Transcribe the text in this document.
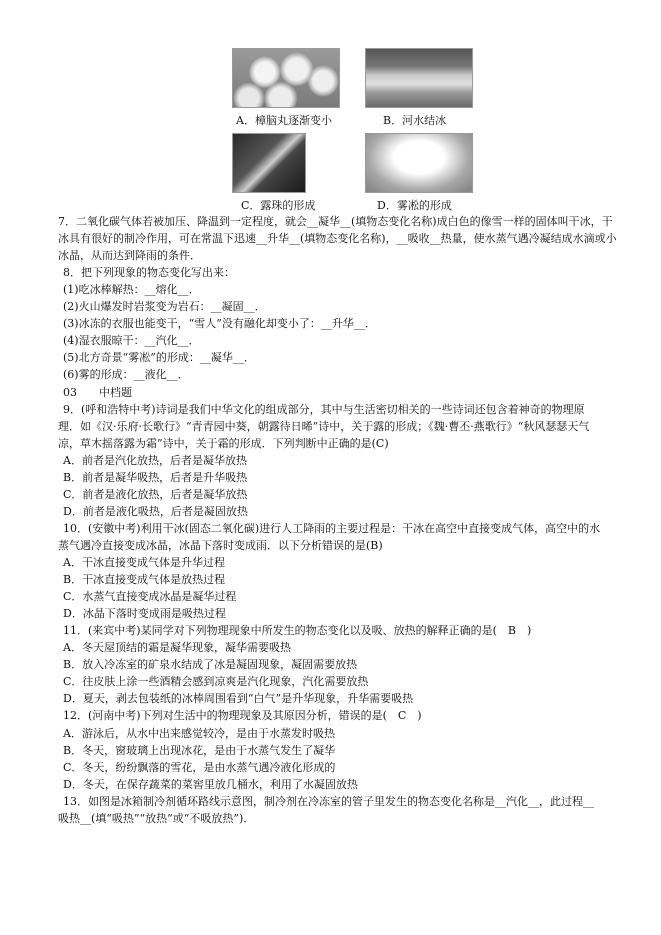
A．樟脑丸逐渐变小	B．河水结冰
C．露珠的形成	D．雾凇的形成
7．二氧化碳气体若被加压、降温到一定程度，就会__凝华__(填物态变化名称)成白色的像雪一样的固体叫干冰，干
冰具有很好的制冷作用，可在常温下迅速__升华__(填物态变化名称)，__吸收__热量，使水蒸气遇冷凝结成水滴或小
冰晶，从而达到降雨的条件．
8．把下列现象的物态变化写出来：
(1)吃冰棒解热：__熔化__．
(2)火山爆发时岩浆变为岩石：__凝固__．
(3)冰冻的衣服也能变干，“雪人”没有融化却变小了：__升华__．
(4)湿衣服晾干：__汽化__．
(5)北方奇景“雾凇”的形成：__凝华__．
(6)雾的形成：__液化__．
03　　中档题
9．(呼和浩特中考)诗词是我们中华文化的组成部分，其中与生活密切相关的一些诗词还包含着神奇的物理原
理．如《汉·乐府·长歌行》“青青园中葵，朝露待日晞”诗中，关于露的形成；《魏·曹丕·燕歌行》“秋风瑟瑟天气
凉，草木摇落露为霜”诗中，关于霜的形成．下列判断中正确的是(C)
A．前者是汽化放热，后者是凝华放热
B．前者是凝华吸热，后者是升华吸热
C．前者是液化放热，后者是凝华放热
D．前者是液化吸热，后者是凝固放热
10．(安徽中考)利用干冰(固态二氧化碳)进行人工降雨的主要过程是：干冰在高空中直接变成气体，高空中的水
蒸气遇冷直接变成冰晶，冰晶下落时变成雨．以下分析错误的是(B)
A．干冰直接变成气体是升华过程
B．干冰直接变成气体是放热过程
C．水蒸气直接变成冰晶是凝华过程
D．冰晶下落时变成雨是吸热过程
11．(来宾中考)某同学对下列物理现象中所发生的物态变化以及吸、放热的解释正确的是(　B　)
A．冬天屋顶结的霜是凝华现象，凝华需要吸热
B．放入冷冻室的矿泉水结成了冰是凝固现象，凝固需要放热
C．往皮肤上涂一些酒精会感到凉爽是汽化现象，汽化需要放热
D．夏天，剥去包装纸的冰棒周围看到“白气”是升华现象，升华需要吸热
12．(河南中考)下列对生活中的物理现象及其原因分析，错误的是(　C　)
A．游泳后，从水中出来感觉较冷，是由于水蒸发时吸热
B．冬天，窗玻璃上出现冰花，是由于水蒸气发生了凝华
C．冬天，纷纷飘落的雪花，是由水蒸气遇冷液化形成的
D．冬天，在保存蔬菜的菜窖里放几桶水，利用了水凝固放热
13．如图是冰箱制冷剂循环路线示意图，制冷剂在冷冻室的管子里发生的物态变化名称是__汽化__，此过程__
吸热__(填“吸热”“放热”或“不吸放热”)．
